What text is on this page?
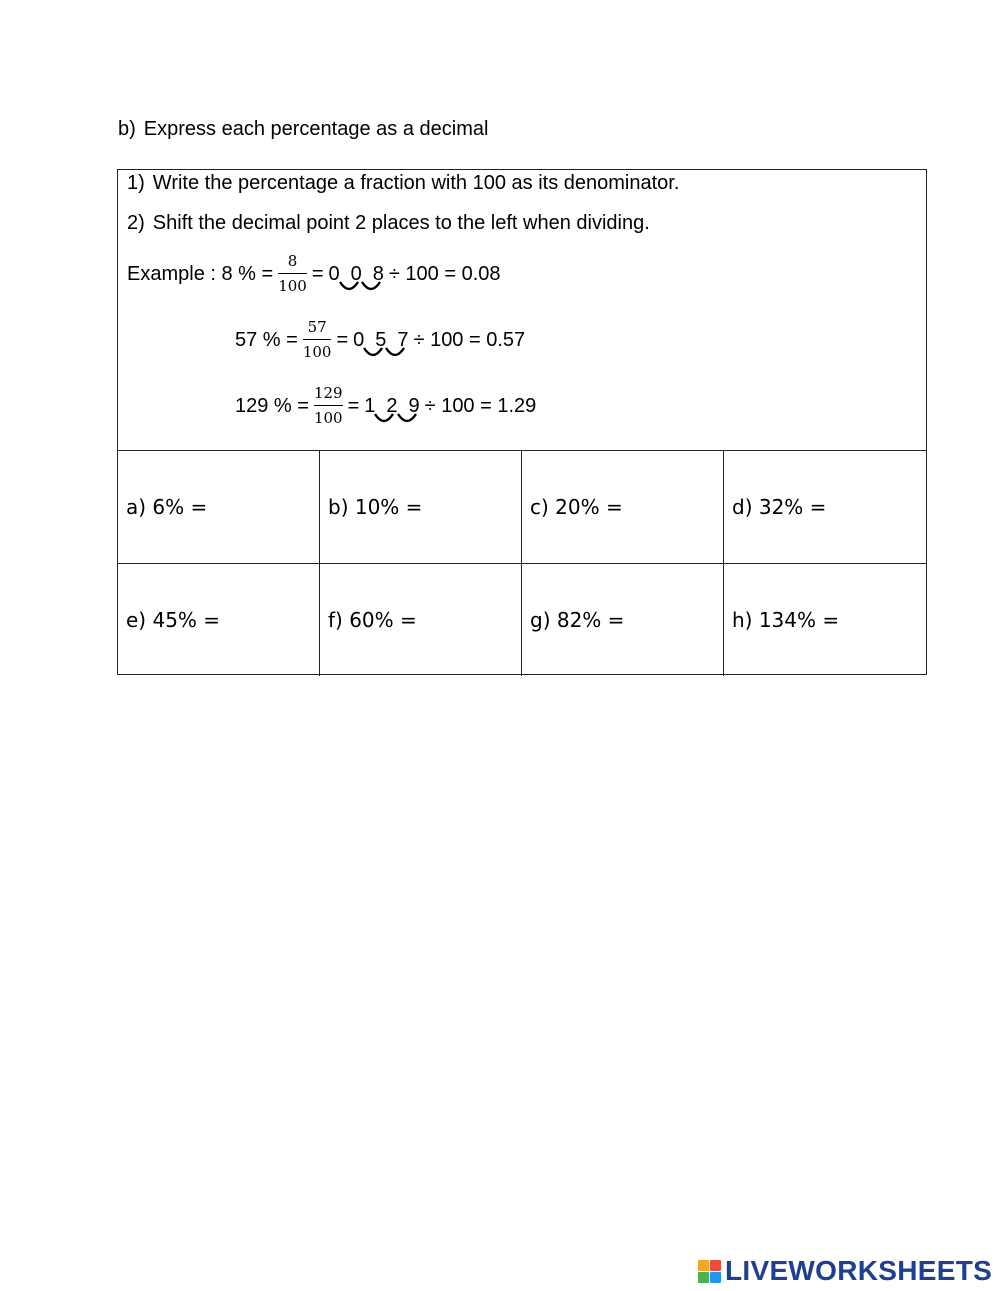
b) Express each percentage as a decimal
1) Write the percentage a fraction with 100 as its denominator.
2) Shift the decimal point 2 places to the left when dividing.
Example : 8 % = $\frac{8}{100} = 0$ 0 8 ÷ 100 = 0.08
57 % = $\frac{57}{100} = 0$ 5 7 ÷ 100 = 0.57
129 % = $\frac{129}{100} = 1$ 2 9 ÷ 100 = 1.29
a) 6% =	b) 10% =	c) 20% =	d) 32% =
e) 45% =	f) 60% =	g) 82% =	h) 134% =
LIVEWORKSHEETS
